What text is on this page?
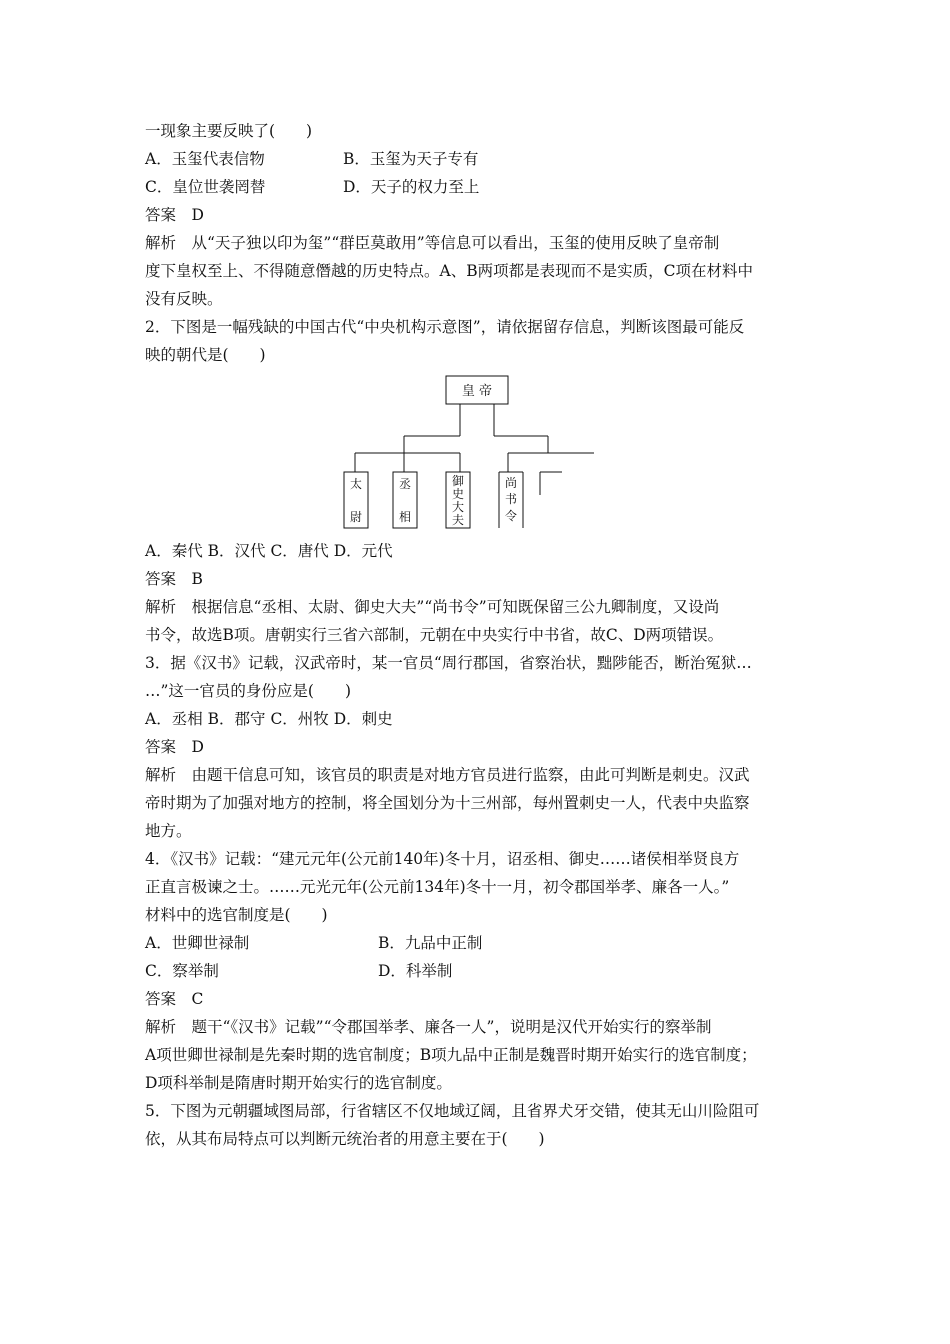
一现象主要反映了(　　)
A．玉玺代表信物	B．玉玺为天子专有
C．皇位世袭罔替	D．天子的权力至上
答案　D
解析　从“天子独以印为玺”“群臣莫敢用”等信息可以看出，玉玺的使用反映了皇帝制
度下皇权至上、不得随意僭越的历史特点。A、B两项都是表现而不是实质，C项在材料中
没有反映。
2．下图是一幅残缺的中国古代“中央机构示意图”，请依据留存信息，判断该图最可能反
映的朝代是(　　)
皇 帝
太
尉
丞
相
御
史
大
夫
尚
书
令
A．秦代 B．汉代 C．唐代 D．元代
答案　B
解析　根据信息“丞相、太尉、御史大夫”“尚书令”可知既保留三公九卿制度，又设尚
书令，故选B项。唐朝实行三省六部制，元朝在中央实行中书省，故C、D两项错误。
3．据《汉书》记载，汉武帝时，某一官员“周行郡国，省察治状，黜陟能否，断治冤狱…
…”这一官员的身份应是(　　)
A．丞相 B．郡守 C．州牧 D．刺史
答案　D
解析　由题干信息可知，该官员的职责是对地方官员进行监察，由此可判断是刺史。汉武
帝时期为了加强对地方的控制，将全国划分为十三州部，每州置刺史一人，代表中央监察
地方。
4．《汉书》记载：“建元元年(公元前140年)冬十月，诏丞相、御史……诸侯相举贤良方
正直言极谏之士。……元光元年(公元前134年)冬十一月，初令郡国举孝、廉各一人。”
材料中的选官制度是(　　)
A．世卿世禄制	B．九品中正制
C．察举制	D．科举制
答案　C
解析　题干“《汉书》记载”“令郡国举孝、廉各一人”，说明是汉代开始实行的察举制
A项世卿世禄制是先秦时期的选官制度；B项九品中正制是魏晋时期开始实行的选官制度；
D项科举制是隋唐时期开始实行的选官制度。
5．下图为元朝疆域图局部，行省辖区不仅地域辽阔，且省界犬牙交错，使其无山川险阻可
依，从其布局特点可以判断元统治者的用意主要在于(　　)
